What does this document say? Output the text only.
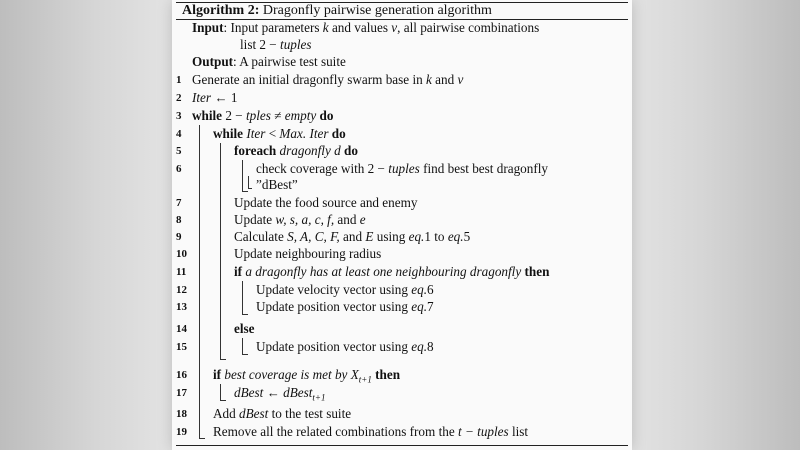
Algorithm 2: Dragonfly pairwise generation algorithm
Input: Input parameters k and values v, all pairwise combinations
list 2 − tuples
Output: A pairwise test suite
1
2
3
4
5
6
7
8
9
10
11
12
13
14
15
16
17
18
19
Generate an initial dragonfly swarm base in k and v
Iter ← 1
while 2 − tples ≠ empty do
while Iter < Max. Iter do
foreach dragonfly d do
check coverage with 2 − tuples find best best dragonfly
”dBest”
Update the food source and enemy
Update w, s, a, c, f, and e
Calculate S, A, C, F, and E using eq.1 to eq.5
Update neighbouring radius
if a dragonfly has at least one neighbouring dragonfly then
Update velocity vector using eq.6
Update position vector using eq.7
else
Update position vector using eq.8
if best coverage is met by $X_{t+1}$ then
dBest ← dBest$_{t+1}$
Add dBest to the test suite
Remove all the related combinations from the t − tuples list
